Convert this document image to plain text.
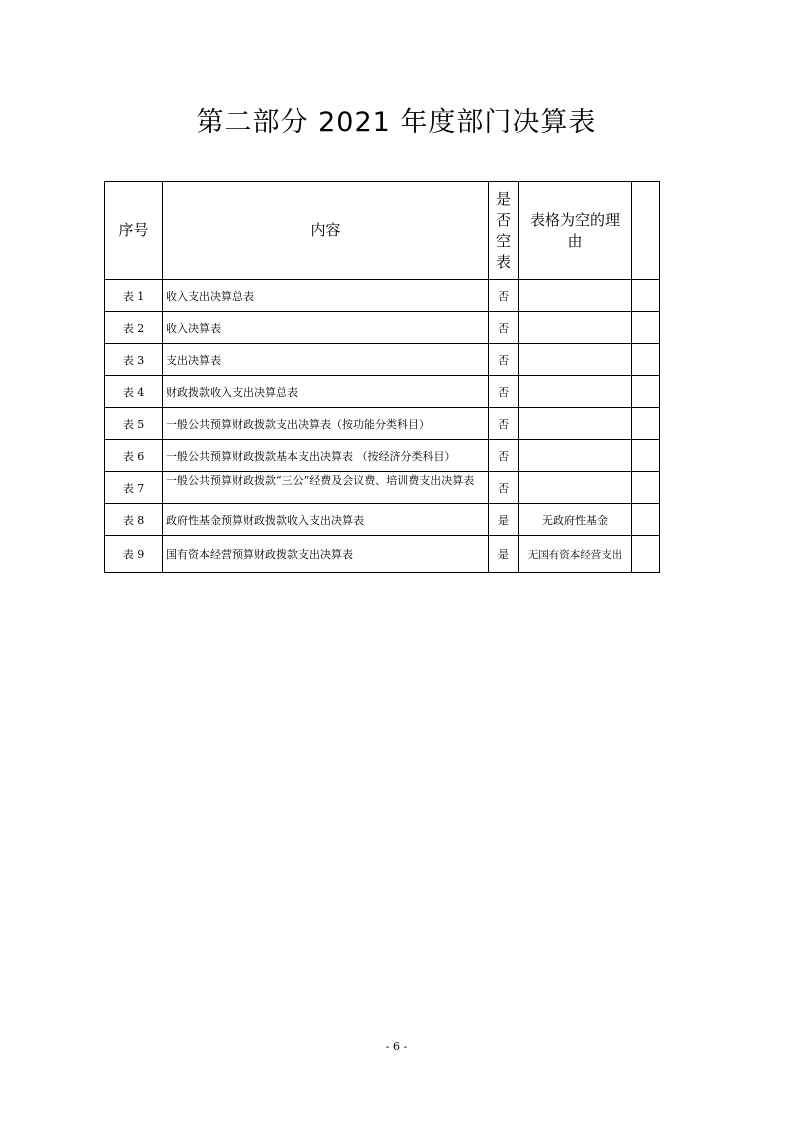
第二部分 2021 年度部门决算表
序号	内容	是否空表	表格为空的理由	
表 1	收入支出决算总表	否		
表 2	收入决算表	否		
表 3	支出决算表	否		
表 4	财政拨款收入支出决算总表	否		
表 5	一般公共预算财政拨款支出决算表（按功能分类科目）	否		
表 6	一般公共预算财政拨款基本支出决算表 （按经济分类科目）	否		
表 7	一般公共预算财政拨款“三公”经费及会议费、培训费支出决算表	否		
表 8	政府性基金预算财政拨款收入支出决算表	是	无政府性基金	
表 9	国有资本经营预算财政拨款支出决算表	是	无国有资本经营支出	
- 6 -
